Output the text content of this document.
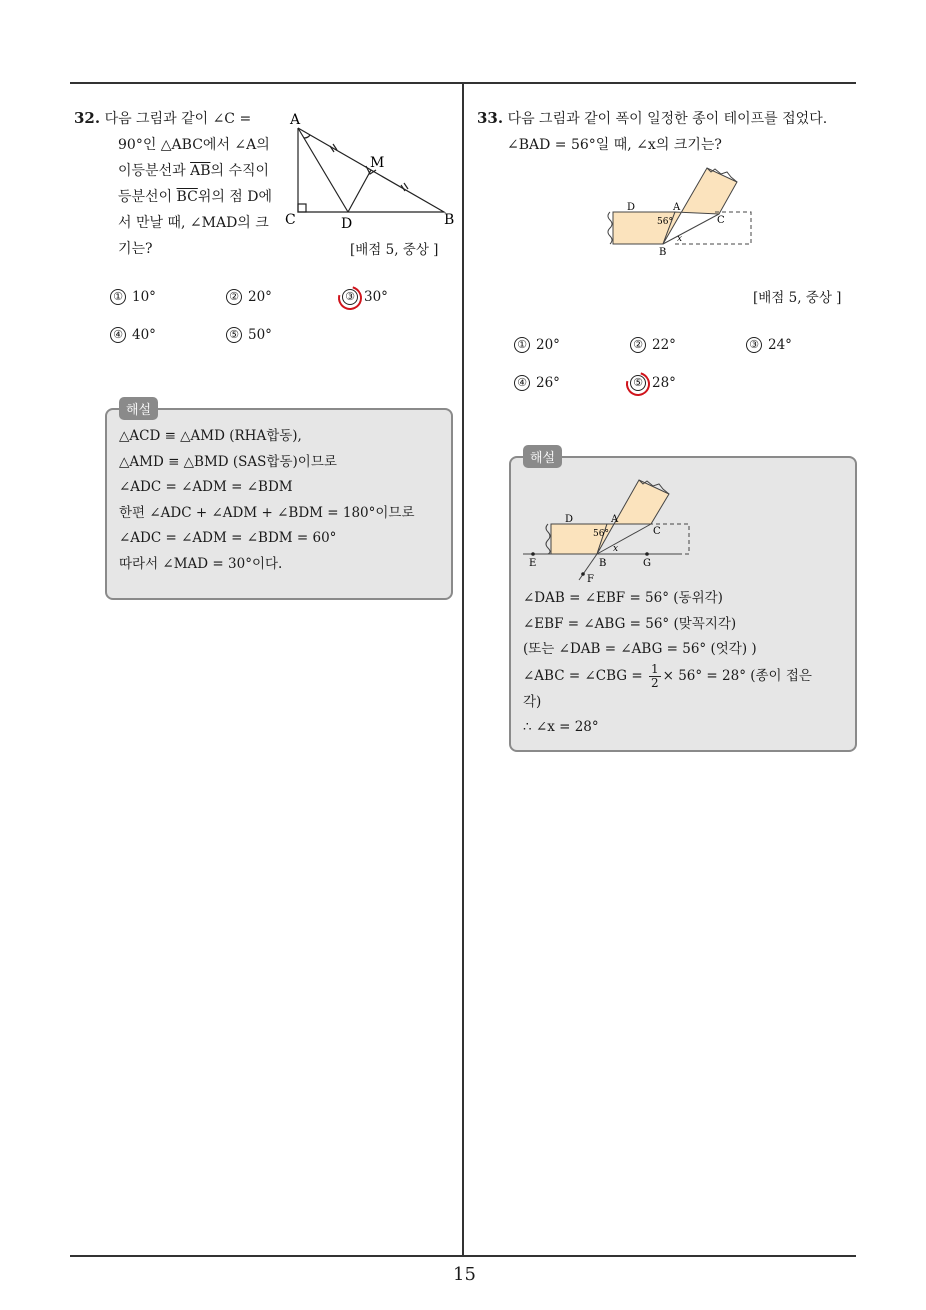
15
32. 다음 그림과 같이 ∠C =
90°인 △ABC에서 ∠A의
이등분선과 $\overline{AB}$의 수직이
등분선이 $\overline{BC}$위의 점 D에
서 만날 때, ∠MAD의 크
기는?
A
M
C	D	B
[배점 5, 중상 ]
① 10°	② 20°	③ 30°
④ 40°	⑤ 50°
△ACD ≡ △AMD (RHA합동),
△AMD ≡ △BMD (SAS합동)이므로
∠ADC = ∠ADM = ∠BDM
한편 ∠ADC + ∠ADM + ∠BDM = 180°이므로
∠ADC = ∠ADM = ∠BDM = 60°
따라서 ∠MAD = 30°이다.
해설
33. 다음 그림과 같이 폭이 일정한 종이 테이프를 접었다.
∠BAD = 56°일 때, ∠x의 크기는?
D	A
C
B
56°
x
[배점 5, 중상 ]
① 20°	② 22°	③ 24°
④ 26°	⑤ 28°
D	A
C
E	B	G
F
56°
x
∠DAB = ∠EBF = 56° (동위각)
∠EBF = ∠ABG = 56° (맞꼭지각)
(또는 ∠DAB = ∠ABG = 56° (엇각) )
∠ABC = ∠CBG = $\frac{1}{2} \times 56^\circ = 28^\circ$ (종이 접은
각)
∴ ∠x = 28°
해설
